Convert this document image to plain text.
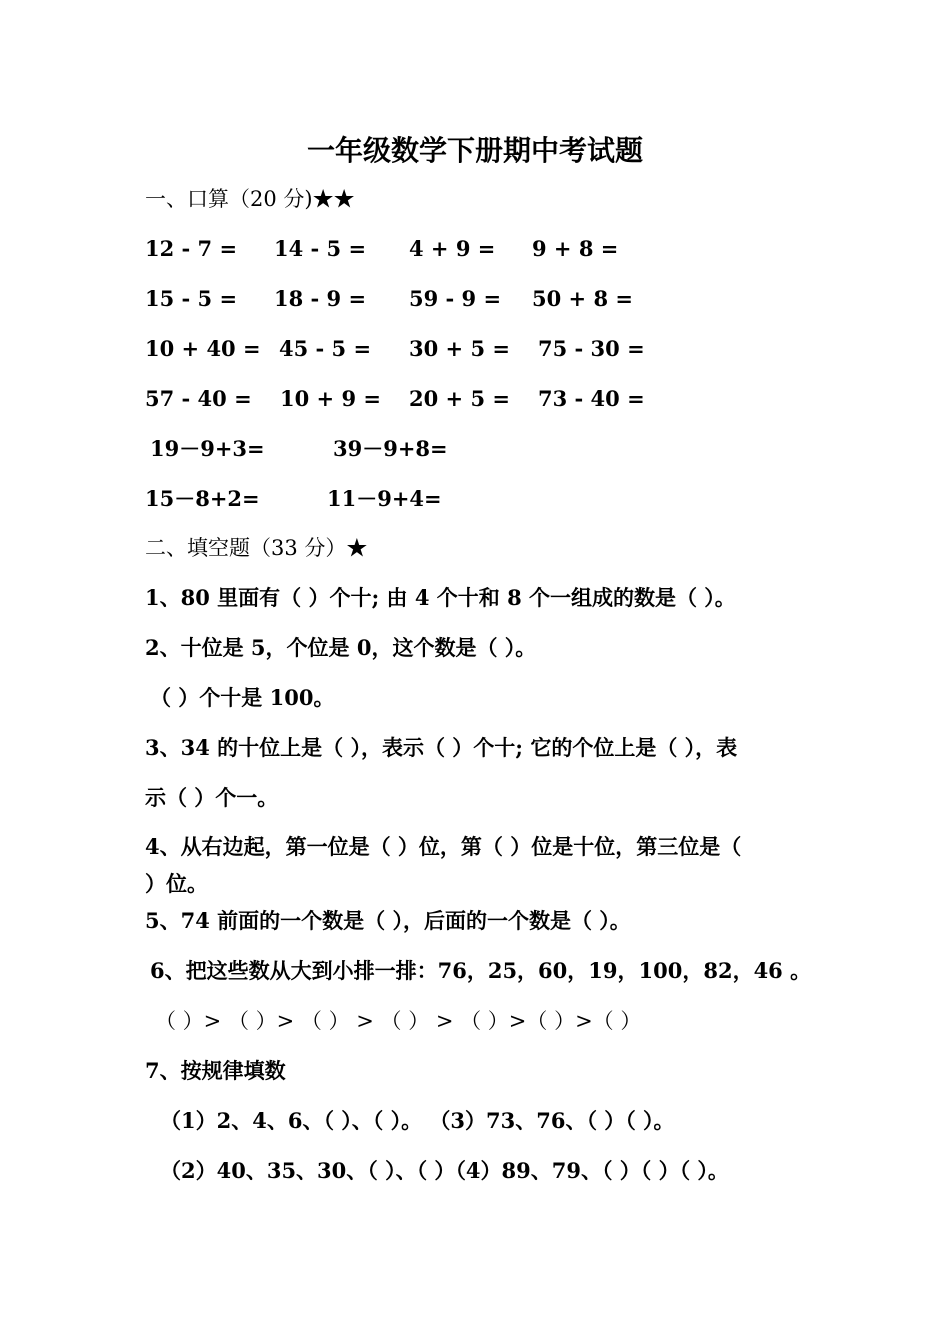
一年级数学下册期中考试题
一、口算（20 分)★★
12 - 7 = 14 - 5 = 4 + 9 = 9 + 8 =
15 - 5 = 18 - 9 = 59 - 9 = 50 + 8 =
10 + 40 = 45 - 5 = 30 + 5 = 75 - 30 =
57 - 40 = 10 + 9 = 20 + 5 = 73 - 40 =
19－9+3=	39－9+8=
15－8+2=	11－9+4=
二、填空题（33 分）★
1、80 里面有（ ）个十; 由 4 个十和 8 个一组成的数是（ ）。
2、十位是 5，个位是 0，这个数是（ ）。
（ ）个十是 100。
3、34 的十位上是（ ），表示（ ）个十; 它的个位上是（ ），表
示（ ）个一。
4、从右边起，第一位是（ ）位，第（ ）位是十位，第三位是（
）位。
5、74 前面的一个数是（ ），后面的一个数是（ ）。
6、把这些数从大到小排一排：76，25，60，19，100，82，46 。
（ ）> （ ）> （ ） > （ ） > （ ）>（ ）>（ ）
7、按规律填数
（1）2、4、6、（ ）、（ ）。 （3）73、76、（ ）（ ）。
（2）40、35、30、（ ）、（ ）（4）89、79、（ ）（ ）（ ）。
